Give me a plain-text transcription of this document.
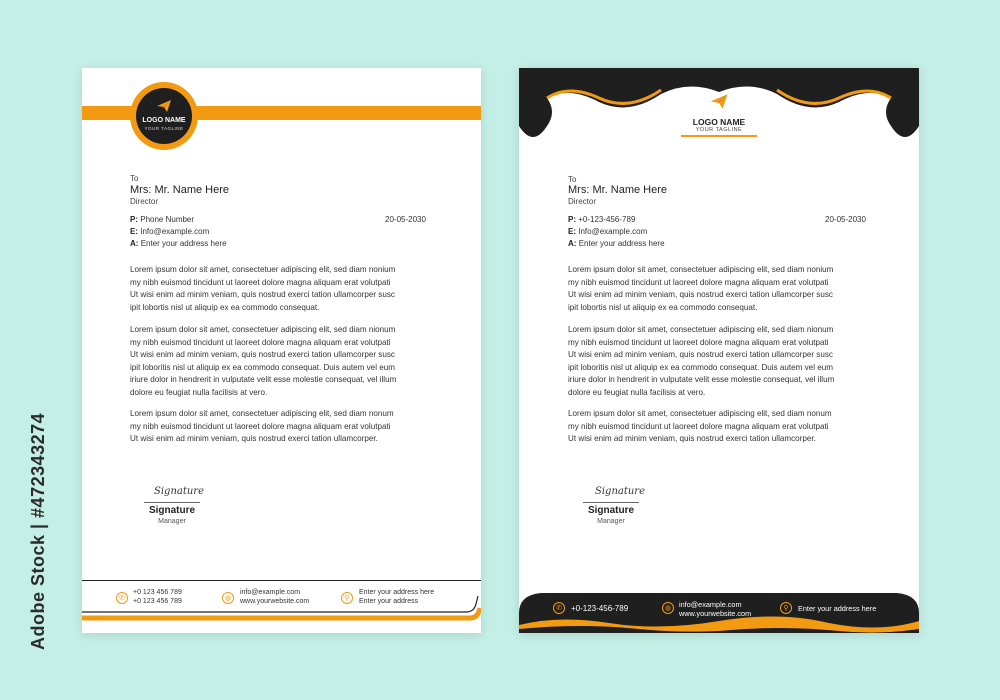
Adobe Stock | #472343274
LOGO NAME
YOUR TAGLINE
To
Mrs: Mr. Name Here
Director
P: Phone Number
E: Info@example.com
A: Enter your address here
20-05-2030
Lorem ipsum dolor sit amet, consectetuer adipiscing elit, sed diam nonium
my nibh euismod tincidunt ut laoreet dolore magna aliquam erat volutpati
Ut wisi enim ad minim veniam, quis nostrud exerci tation ullamcorper susc
ipit lobortis nisl ut aliquip ex ea commodo consequat.
Lorem ipsum dolor sit amet, consectetuer adipiscing elit, sed diam nionum
my nibh euismod tincidunt ut laoreet dolore magna aliquam erat volutpati
Ut wisi enim ad minim veniam, quis nostrud exerci tation ullamcorper susc
ipit loboritis nisl ut aliquip ex ea commodo consequat. Duis autem vel eum
iriure dolor in hendrerit in vulputate velit esse molestie consequat, vel illum
dolore eu feugiat nulla facilisis at vero.
Lorem ipsum dolor sit amet, consectetuer adipiscing elit, sed diam nonum
my nibh euismod tincidunt ut laoreet dolore magna aliquam erat volutpati
Ut wisi enim ad minim veniam, quis nostrud exerci tation ullamcorper.
Signature
Signature
Manager
✆
+0 123 456 789
+0 123 456 789	◍
info@example.com
www.yourwebsite.com	⚲
Enter your address here
Enter your address
LOGO NAME
YOUR TAGLINE
To
Mrs: Mr. Name Here
Director
P: +0-123-456-789
E: Info@example.com
A: Enter your address here
20-05-2030
Lorem ipsum dolor sit amet, consectetuer adipiscing elit, sed diam nonium
my nibh euismod tincidunt ut laoreet dolore magna aliquam erat volutpati
Ut wisi enim ad minim veniam, quis nostrud exerci tation ullamcorper susc
ipit lobortis nisl ut aliquip ex ea commodo consequat.
Lorem ipsum dolor sit amet, consectetuer adipiscing elit, sed diam nionum
my nibh euismod tincidunt ut laoreet dolore magna aliquam erat volutpati
Ut wisi enim ad minim veniam, quis nostrud exerci tation ullamcorper susc
ipit loboritis nisl ut aliquip ex ea commodo consequat. Duis autem vel eum
iriure dolor in hendrerit in vulputate velit esse molestie consequat, vel illum
dolore eu feugiat nulla facilisis at vero.
Lorem ipsum dolor sit amet, consectetuer adipiscing elit, sed diam nonum
my nibh euismod tincidunt ut laoreet dolore magna aliquam erat volutpati
Ut wisi enim ad minim veniam, quis nostrud exerci tation ullamcorper.
Signature
Signature
Manager
✆	+0-123-456-789	◍	info@example.com
www.yourwebsite.com
⚲	Enter your address here
